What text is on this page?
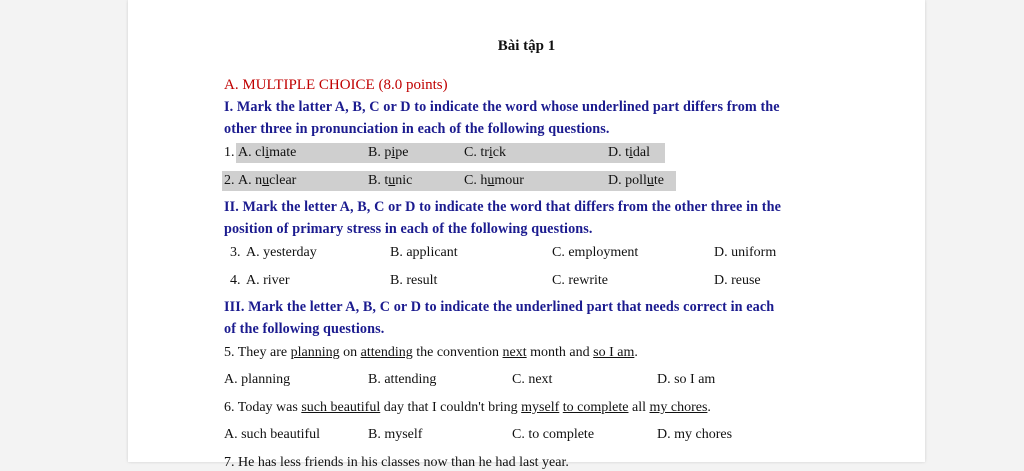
Bài tập 1
A. MULTIPLE CHOICE (8.0 points)
I. Mark the latter A, B, C or D to indicate the word whose underlined part differs from the
other three in pronunciation in each of the following questions.
1. A. climate	B. pipe	C. trick	D. tidal
2. A. nuclear	B. tunic	C. humour	D. pollute
II. Mark the letter A, B, C or D to indicate the word that differs from the other three in the
position of primary stress in each of the following questions.
3. A. yesterday	B. applicant	C. employment	D. uniform
4. A. river	B. result	C. rewrite	D. reuse
III. Mark the letter A, B, C or D to indicate the underlined part that needs correct in each
of the following questions.
5. They are planning on attending the convention next month and so I am.
A. planning	B. attending	C. next	D. so I am
6. Today was such beautiful day that I couldn't bring myself to complete all my chores.
A. such beautiful	B. myself	C. to complete	D. my chores
7. He has less friends in his classes now than he had last year.
